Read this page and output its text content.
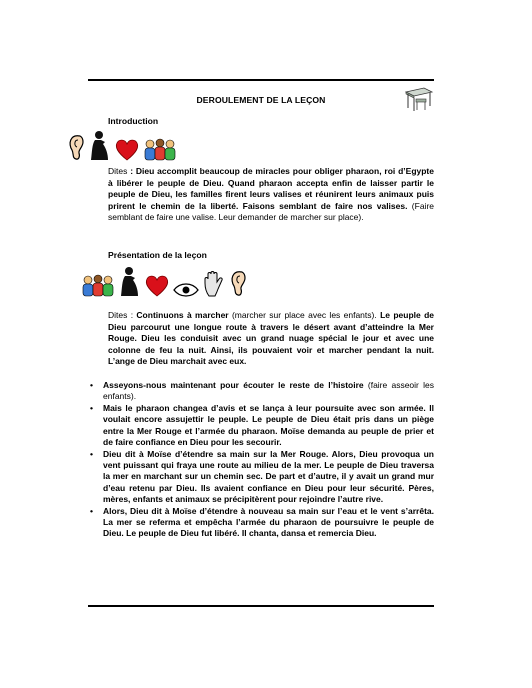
DEROULEMENT DE LA LEÇON
Introduction
Dites : Dieu accomplit beaucoup de miracles pour obliger pharaon, roi d’Egypte à libérer le peuple de Dieu. Quand pharaon accepta enfin de laisser partir le peuple de Dieu, les familles firent leurs valises et réunirent leurs animaux puis prirent le chemin de la liberté. Faisons semblant de faire nos valises. (Faire semblant de faire une valise. Leur demander de marcher sur place).
Présentation de la leçon
Dites : Continuons à marcher (marcher sur place avec les enfants). Le peuple de Dieu parcourut une longue route à travers le désert avant d’atteindre la Mer Rouge. Dieu les conduisit avec un grand nuage spécial le jour et avec une colonne de feu la nuit. Ainsi, ils pouvaient voir et marcher pendant la nuit. L’ange de Dieu marchait avec eux.
• Asseyons-nous maintenant pour écouter le reste de l’histoire (faire asseoir les enfants).
• Mais le pharaon changea d’avis et se lança à leur poursuite avec son armée. Il voulait encore assujettir le peuple. Le peuple de Dieu était pris dans un piège entre la Mer Rouge et l’armée du pharaon. Moïse demanda au peuple de prier et de faire confiance en Dieu pour les secourir.
• Dieu dit à Moïse d’étendre sa main sur la Mer Rouge. Alors, Dieu provoqua un vent puissant qui fraya une route au milieu de la mer. Le peuple de Dieu traversa la mer en marchant sur un chemin sec. De part et d’autre, il y avait un grand mur d’eau retenu par Dieu. Ils avaient confiance en Dieu pour leur sécurité. Pères, mères, enfants et animaux se précipitèrent pour rejoindre l’autre rive.
• Alors, Dieu dit à Moïse d’étendre à nouveau sa main sur l’eau et le vent s’arrêta. La mer se referma et empêcha l’armée du pharaon de poursuivre le peuple de Dieu. Le peuple de Dieu fut libéré. Il chanta, dansa et remercia Dieu.
